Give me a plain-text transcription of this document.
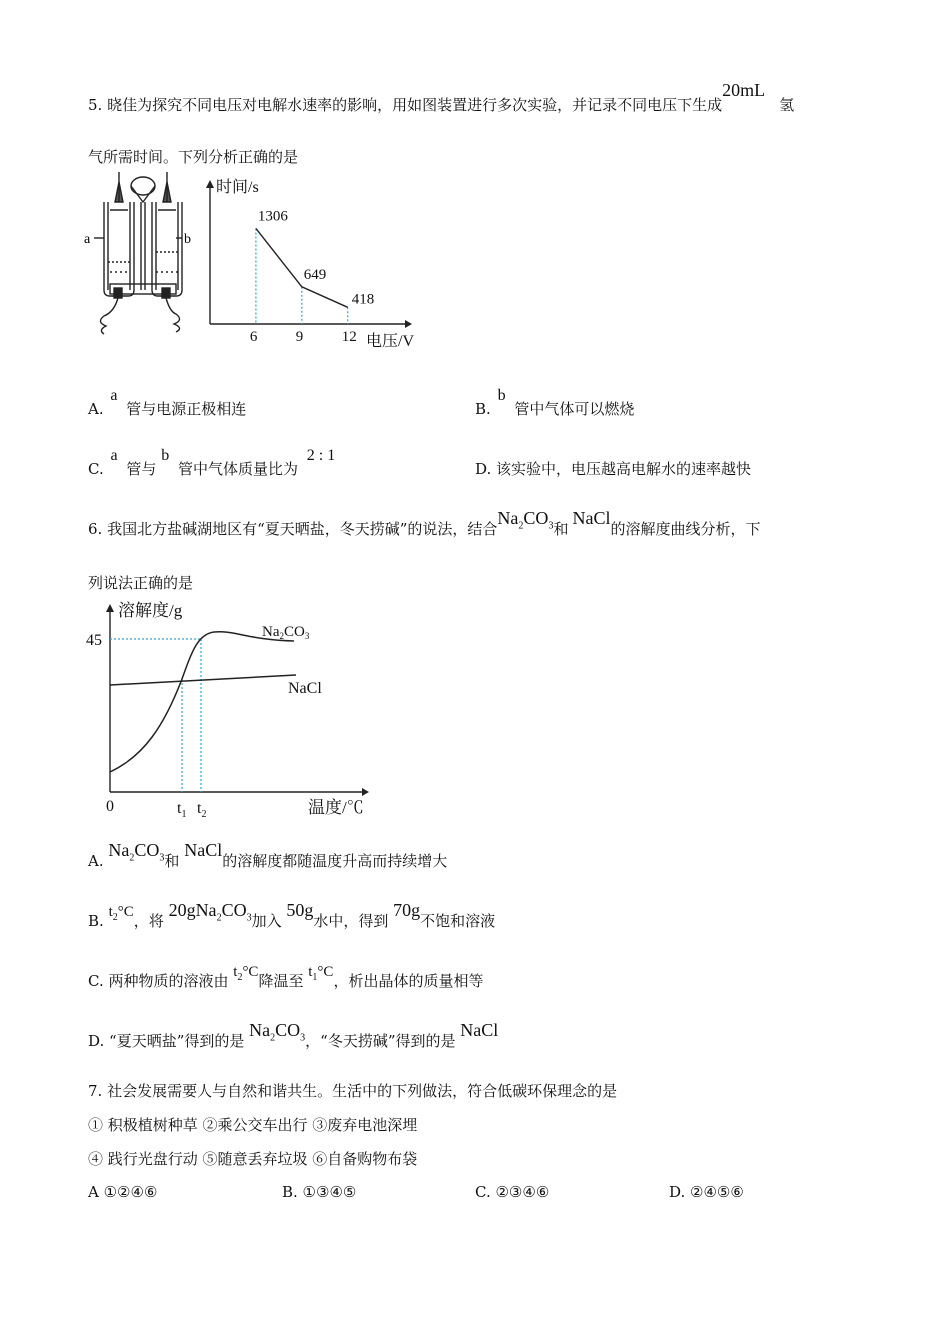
5. 晓佳为探究不同电压对电解水速率的影响，用如图装置进行多次实验，并记录不同电压下生成20mL氢
气所需时间。下列分析正确的是
a	b
时间/s
电压/V
6
1306
9
649
12
418
A. a 管与电源正极相连	B. b 管中气体可以燃烧
C. a 管与 b 管中气体质量比为 2 : 1
D. 该实验中，电压越高电解水的速率越快
6. 我国北方盐碱湖地区有“夏天晒盐，冬天捞碱”的说法，结合$Na_2CO_3$和NaCl的溶解度曲线分析，下
列说法正确的是
溶解度/g
温度/℃
0
45
$t_1$ $t_2$
$Na_2CO_3$
NaCl
A. $Na_2CO_3$和 NaCl的溶解度都随温度升高而持续增大
B. $t_2^\circ C$，将 $20gNa_2CO_3$加入 50g水中，得到 70g不饱和溶液
C. 两种物质的溶液由 $t_2^\circ C$降温至 $t_1^\circ C$，析出晶体的质量相等
D. “夏天晒盐”得到的是 $Na_2CO_3$，“冬天捞碱”得到的是 NaCl
7. 社会发展需要人与自然和谐共生。生活中的下列做法，符合低碳环保理念的是
① 积极植树种草 ②乘公交车出行 ③废弃电池深埋
④ 践行光盘行动 ⑤随意丢弃垃圾 ⑥自备购物布袋
A ①②④⑥	B. ①③④⑤	C. ②③④⑥	D. ②④⑤⑥
